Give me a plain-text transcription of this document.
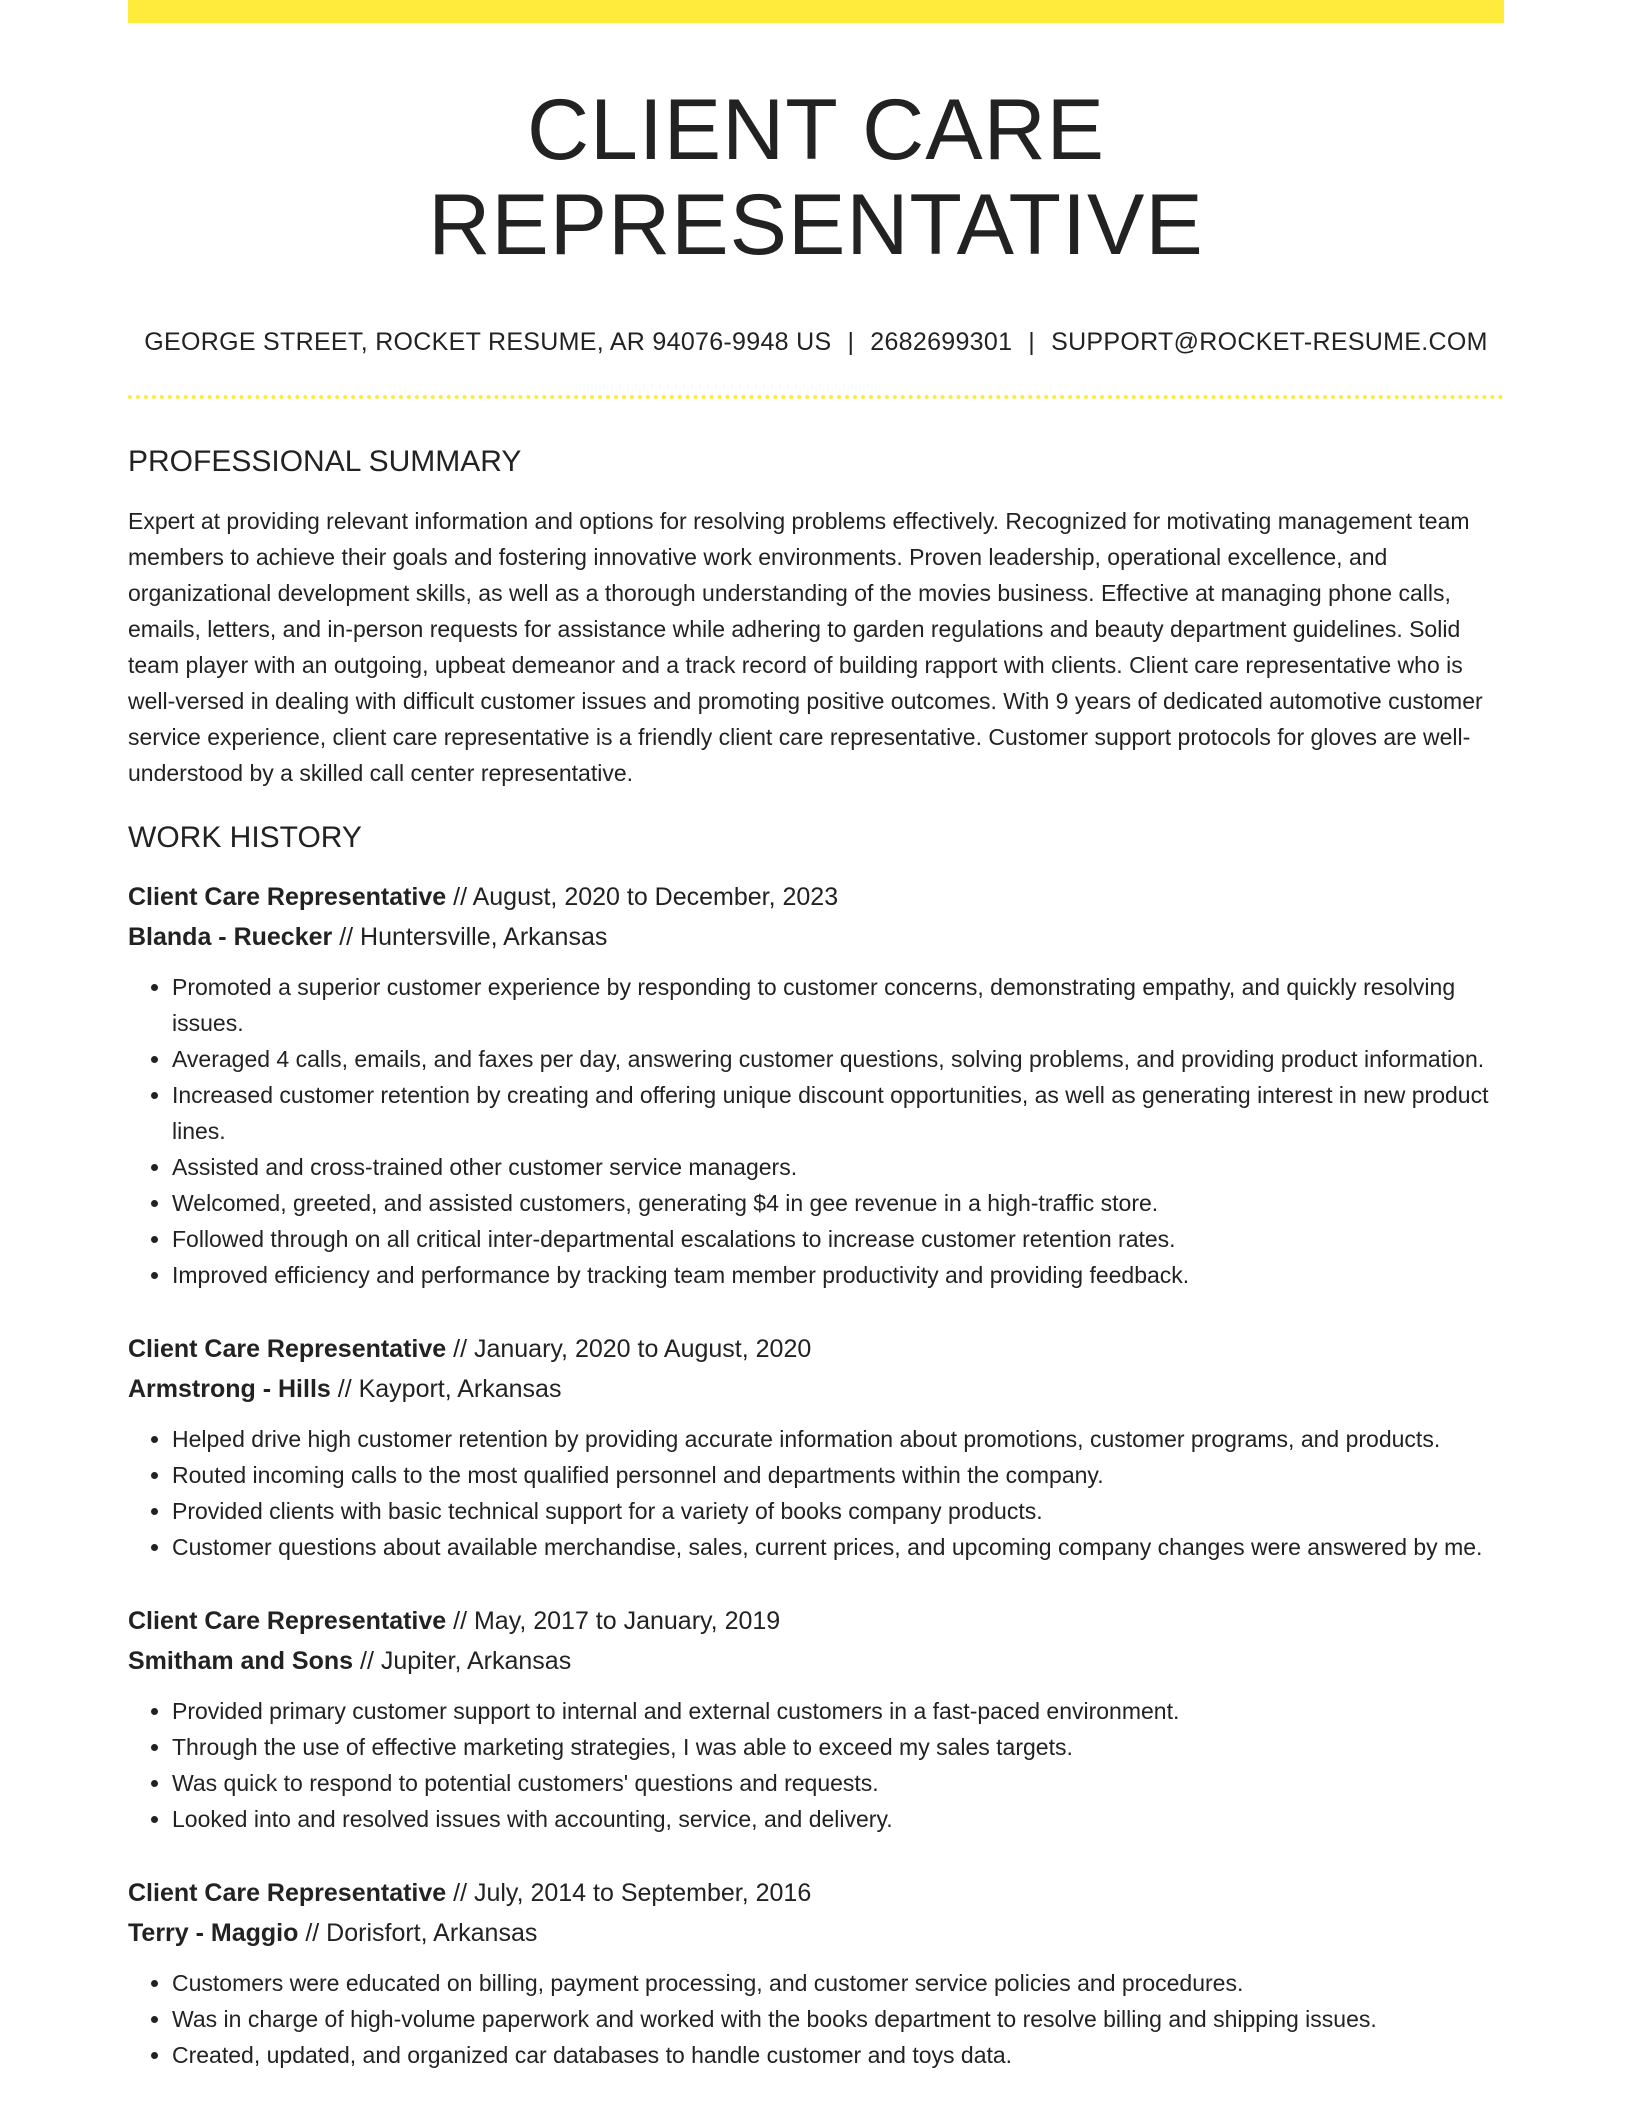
CLIENT CARE REPRESENTATIVE
GEORGE STREET, ROCKET RESUME, AR 94076-9948 US | 2682699301 | SUPPORT@ROCKET-RESUME.COM
PROFESSIONAL SUMMARY

Expert at providing relevant information and options for resolving problems effectively. Recognized for motivating management team members to achieve their goals and fostering innovative work environments. Proven leadership, operational excellence, and organizational development skills, as well as a thorough understanding of the movies business. Effective at managing phone calls, emails, letters, and in-person requests for assistance while adhering to garden regulations and beauty department guidelines. Solid team player with an outgoing, upbeat demeanor and a track record of building rapport with clients. Client care representative who is well-versed in dealing with difficult customer issues and promoting positive outcomes. With 9 years of dedicated automotive customer service experience, client care representative is a friendly client care representative. Customer support protocols for gloves are well-understood by a skilled call center representative.

WORK HISTORY
Client Care Representative // August, 2020 to December, 2023
Blanda - Ruecker // Huntersville, Arkansas
• Promoted a superior customer experience by responding to customer concerns, demonstrating empathy, and quickly resolving issues.
• Averaged 4 calls, emails, and faxes per day, answering customer questions, solving problems, and providing product information.
• Increased customer retention by creating and offering unique discount opportunities, as well as generating interest in new product lines.
• Assisted and cross-trained other customer service managers.
• Welcomed, greeted, and assisted customers, generating $4 in gee revenue in a high-traffic store.
• Followed through on all critical inter-departmental escalations to increase customer retention rates.
• Improved efficiency and performance by tracking team member productivity and providing feedback.
Client Care Representative // January, 2020 to August, 2020
Armstrong - Hills // Kayport, Arkansas
• Helped drive high customer retention by providing accurate information about promotions, customer programs, and products.
• Routed incoming calls to the most qualified personnel and departments within the company.
• Provided clients with basic technical support for a variety of books company products.
• Customer questions about available merchandise, sales, current prices, and upcoming company changes were answered by me.
Client Care Representative // May, 2017 to January, 2019
Smitham and Sons // Jupiter, Arkansas
• Provided primary customer support to internal and external customers in a fast-paced environment.
• Through the use of effective marketing strategies, I was able to exceed my sales targets.
• Was quick to respond to potential customers' questions and requests.
• Looked into and resolved issues with accounting, service, and delivery.
Client Care Representative // July, 2014 to September, 2016
Terry - Maggio // Dorisfort, Arkansas
• Customers were educated on billing, payment processing, and customer service policies and procedures.
• Was in charge of high-volume paperwork and worked with the books department to resolve billing and shipping issues.
• Created, updated, and organized car databases to handle customer and toys data.
